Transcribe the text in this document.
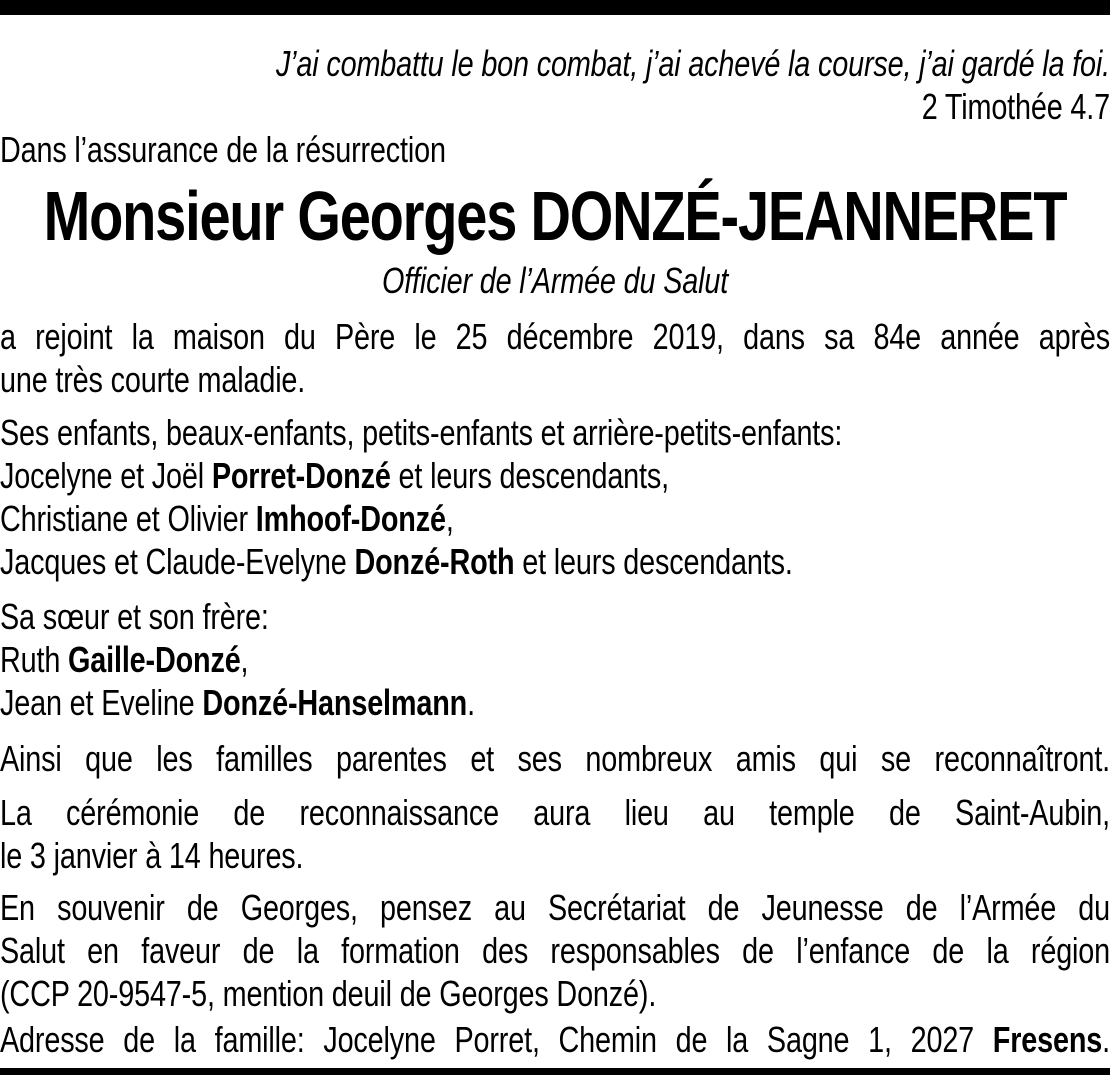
J’ai combattu le bon combat, j’ai achevé la course, j’ai gardé la foi.
2 Timothée 4.7
Dans l’assurance de la résurrection
Monsieur Georges DONZÉ-JEANNERET
Officier de l’Armée du Salut
a rejoint la maison du Père le 25 décembre 2019, dans sa 84e année après
une très courte maladie.
Ses enfants, beaux-enfants, petits-enfants et arrière-petits-enfants:
Jocelyne et Joël Porret-Donzé et leurs descendants,
Christiane et Olivier Imhoof-Donzé,
Jacques et Claude-Evelyne Donzé-Roth et leurs descendants.
Sa sœur et son frère:
Ruth Gaille-Donzé,
Jean et Eveline Donzé-Hanselmann.
Ainsi que les familles parentes et ses nombreux amis qui se reconnaîtront.
La cérémonie de reconnaissance aura lieu au temple de Saint-Aubin,
le 3 janvier à 14 heures.
En souvenir de Georges, pensez au Secrétariat de Jeunesse de l’Armée du
Salut en faveur de la formation des responsables de l’enfance de la région
(CCP 20-9547-5, mention deuil de Georges Donzé).
Adresse de la famille: Jocelyne Porret, Chemin de la Sagne 1, 2027 Fresens.
